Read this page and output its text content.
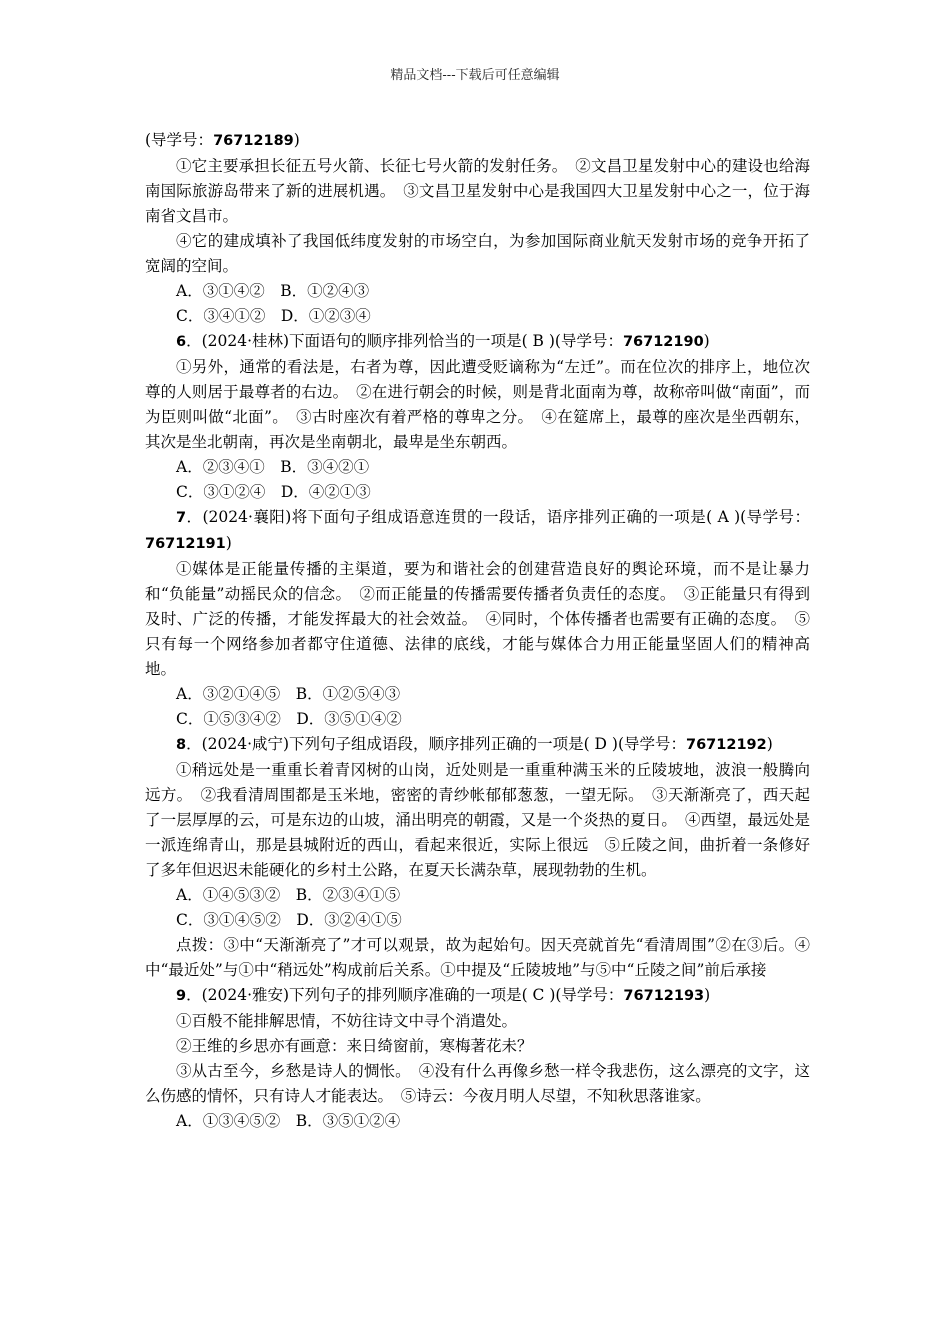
精品文档---下载后可任意编辑

(导学号：76712189)

①它主要承担长征五号火箭、长征七号火箭的发射任务。　②文昌卫星发射中心的建设也给海南国际旅游岛带来了新的进展机遇。　③文昌卫星发射中心是我国四大卫星发射中心之一，位于海南省文昌市。

④它的建成填补了我国低纬度发射的市场空白，为参加国际商业航天发射市场的竞争开拓了宽阔的空间。

A．③①④②　B．①②④③

C．③④①②　D．①②③④

6．(2024·桂林)下面语句的顺序排列恰当的一项是( B )(导学号：76712190)

①另外，通常的看法是，右者为尊，因此遭受贬谪称为“左迁”。而在位次的排序上，地位次尊的人则居于最尊者的右边。　②在进行朝会的时候，则是背北面南为尊，故称帝叫做“南面”，而为臣则叫做“北面”。　③古时座次有着严格的尊卑之分。　④在筵席上，最尊的座次是坐西朝东，其次是坐北朝南，再次是坐南朝北，最卑是坐东朝西。

A．②③④①　B．③④②①

C．③①②④　D．④②①③

7．(2024·襄阳)将下面句子组成语意连贯的一段话，语序排列正确的一项是( A )(导学号：76712191)

①媒体是正能量传播的主渠道，要为和谐社会的创建营造良好的舆论环境，而不是让暴力和“负能量”动摇民众的信念。　②而正能量的传播需要传播者负责任的态度。　③正能量只有得到及时、广泛的传播，才能发挥最大的社会效益。　④同时，个体传播者也需要有正确的态度。　⑤只有每一个网络参加者都守住道德、法律的底线，才能与媒体合力用正能量坚固人们的精神高地。

A．③②①④⑤　B．①②⑤④③

C．①⑤③④②　D．③⑤①④②

8．(2024·咸宁)下列句子组成语段，顺序排列正确的一项是( D )(导学号：76712192)

①稍远处是一重重长着青冈树的山岗，近处则是一重重种满玉米的丘陵坡地，波浪一般腾向远方。　②我看清周围都是玉米地，密密的青纱帐郁郁葱葱，一望无际。　③天渐渐亮了，西天起了一层厚厚的云，可是东边的山坡，涌出明亮的朝霞，又是一个炎热的夏日。　④西望，最远处是一派连绵青山，那是县城附近的西山，看起来很近，实际上很远　⑤丘陵之间，曲折着一条修好了多年但迟迟未能硬化的乡村土公路，在夏天长满杂草，展现勃勃的生机。

A．①④⑤③②　B．②③④①⑤

C．③①④⑤②　D．③②④①⑤

点拨：③中“天渐渐亮了”才可以观景，故为起始句。因天亮就首先“看清周围”②在③后。④中“最近处”与①中“稍远处”构成前后关系。①中提及“丘陵坡地”与⑤中“丘陵之间”前后承接

9．(2024·雅安)下列句子的排列顺序准确的一项是( C )(导学号：76712193)

①百般不能排解思情，不妨往诗文中寻个消遣处。

②王维的乡思亦有画意：来日绮窗前，寒梅著花未？

③从古至今，乡愁是诗人的惆怅。　④没有什么再像乡愁一样令我悲伤，这么漂亮的文字，这么伤感的情怀，只有诗人才能表达。　⑤诗云：今夜月明人尽望，不知秋思落谁家。

A．①③④⑤②　B．③⑤①②④
